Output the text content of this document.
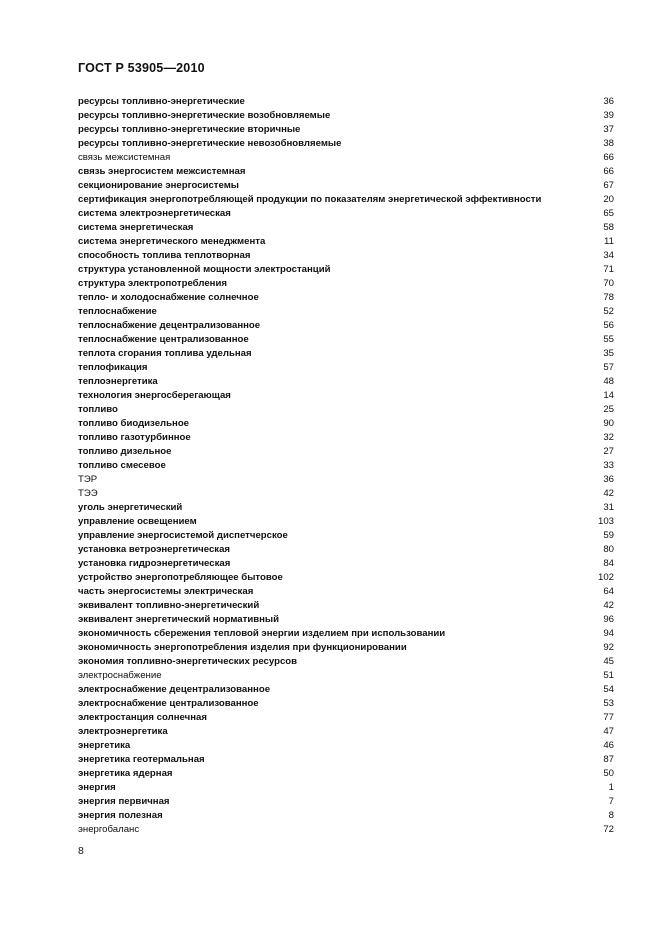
ГОСТ Р 53905—2010
ресурсы топливно-энергетические	36
ресурсы топливно-энергетические возобновляемые	39
ресурсы топливно-энергетические вторичные	37
ресурсы топливно-энергетические невозобновляемые	38
связь межсистемная	66
связь энергосистем межсистемная	66
секционирование энергосистемы	67
сертификация энергопотребляющей продукции по показателям энергетической эффективности	20
система электроэнергетическая	65
система энергетическая	58
система энергетического менеджмента	11
способность топлива теплотворная	34
структура установленной мощности электростанций	71
структура электропотребления	70
тепло- и холодоснабжение солнечное	78
теплоснабжение	52
теплоснабжение децентрализованное	56
теплоснабжение централизованное	55
теплота сгорания топлива удельная	35
теплофикация	57
теплоэнергетика	48
технология энергосберегающая	14
топливо	25
топливо биодизельное	90
топливо газотурбинное	32
топливо дизельное	27
топливо смесевое	33
ТЭР	36
ТЭЭ	42
уголь энергетический	31
управление освещением	103
управление энергосистемой диспетчерское	59
установка ветроэнергетическая	80
установка гидроэнергетическая	84
устройство энергопотребляющее бытовое	102
часть энергосистемы электрическая	64
эквивалент топливно-энергетический	42
эквивалент энергетический нормативный	96
экономичность сбережения тепловой энергии изделием при использовании	94
экономичность энергопотребления изделия при функционировании	92
экономия топливно-энергетических ресурсов	45
электроснабжение	51
электроснабжение децентрализованное	54
электроснабжение централизованное	53
электростанция солнечная	77
электроэнергетика	47
энергетика	46
энергетика геотермальная	87
энергетика ядерная	50
энергия	1
энергия первичная	7
энергия полезная	8
энергобаланс	72
8
